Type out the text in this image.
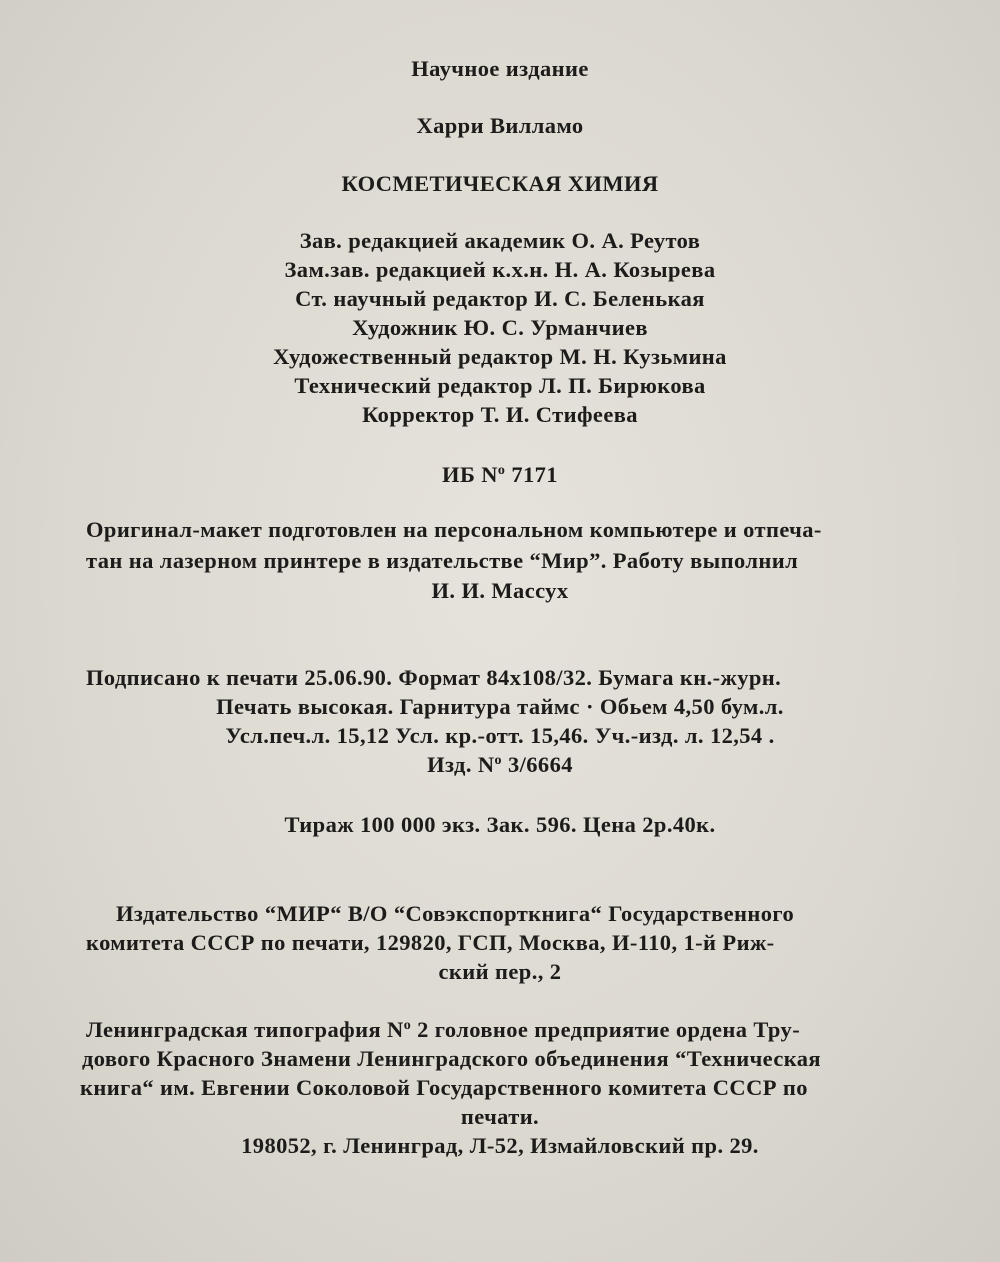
Научное издание
Харри Вилламо
КОСМЕТИЧЕСКАЯ ХИМИЯ
Зав. редакцией академик О. А. Реутов
Зам.зав. редакцией к.х.н. Н. А. Козырева
Ст. научный редактор И. С. Беленькая
Художник Ю. С. Урманчиев
Художественный редактор М. Н. Кузьмина
Технический редактор Л. П. Бирюкова
Корректор Т. И. Стифеева
ИБ $N^o$ 7171
Оригинал-макет подготовлен на персональном компьютере и отпеча-
тан на лазерном принтере в издательстве “Мир”. Работу выполнил
И. И. Массух
Подписано к печати 25.06.90. Формат 84x108/32. Бумага кн.-журн.
Печать высокая. Гарнитура таймс · Обьем 4,50 бум.л.
Усл.печ.л. 15,12 Усл. кр.-отт. 15,46. Уч.-изд. л. 12,54 .
Изд. $N^o$ 3/6664
Тираж 100 000 экз. Зак. 596. Цена 2р.40к.
Издательство “МИР“ В/О “Совэкспорткнига“ Государственного
комитета СССР по печати, 129820, ГСП, Москва, И-110, 1-й Риж-
ский пер., 2
Ленинградская типография $N^o$ 2 головное предприятие ордена Тру-
дового Красного Знамени Ленинградского объединения “Техническая
книга“ им. Евгении Соколовой Государственного комитета СССР по
печати.
198052, г. Ленинград, Л-52, Измайловский пр. 29.
